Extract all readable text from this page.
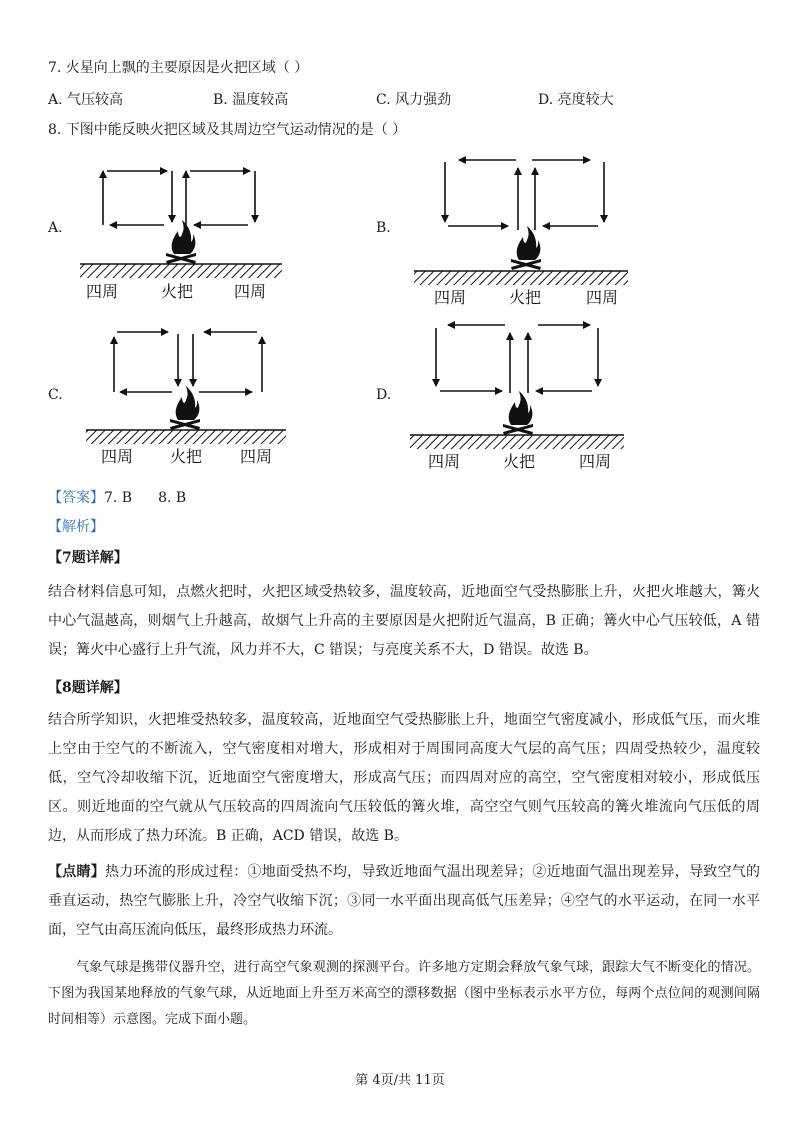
7. 火星向上飘的主要原因是火把区域（ ）
A. 气压较高	B. 温度较高	C. 风力强劲	D. 亮度较大
8. 下图中能反映火把区域及其周边空气运动情况的是（ ）
A.	B.
C.	D.
四周	火把	四周	四周	火把	四周
四周 火把 四周	四周	火把	四周
【答案】7. B 8. B
【解析】
【7题详解】
结合材料信息可知，点燃火把时，火把区域受热较多，温度较高，近地面空气受热膨胀上升，火把火堆越大，篝火中心气温越高，则烟气上升越高，故烟气上升高的主要原因是火把附近气温高，B 正确；篝火中心气压较低，A 错误；篝火中心盛行上升气流，风力并不大，C 错误；与亮度关系不大，D 错误。故选 B。
【8题详解】
结合所学知识，火把堆受热较多，温度较高，近地面空气受热膨胀上升，地面空气密度减小，形成低气压，而火堆上空由于空气的不断流入，空气密度相对增大，形成相对于周围同高度大气层的高气压；四周受热较少，温度较低，空气冷却收缩下沉，近地面空气密度增大，形成高气压；而四周对应的高空，空气密度相对较小，形成低压区。则近地面的空气就从气压较高的四周流向气压较低的篝火堆，高空空气则气压较高的篝火堆流向气压低的周边，从而形成了热力环流。B 正确，ACD 错误，故选 B。
【点睛】热力环流的形成过程：①地面受热不均，导致近地面气温出现差异；②近地面气温出现差异，导致空气的垂直运动，热空气膨胀上升，冷空气收缩下沉；③同一水平面出现高低气压差异；④空气的水平运动，在同一水平面，空气由高压流向低压，最终形成热力环流。
气象气球是携带仪器升空，进行高空气象观测的探测平台。许多地方定期会释放气象气球，跟踪大气不断变化的情况。下图为我国某地释放的气象气球，从近地面上升至万米高空的漂移数据（图中坐标表示水平方位，每两个点位间的观测间隔时间相等）示意图。完成下面小题。
第 4页/共 11页
